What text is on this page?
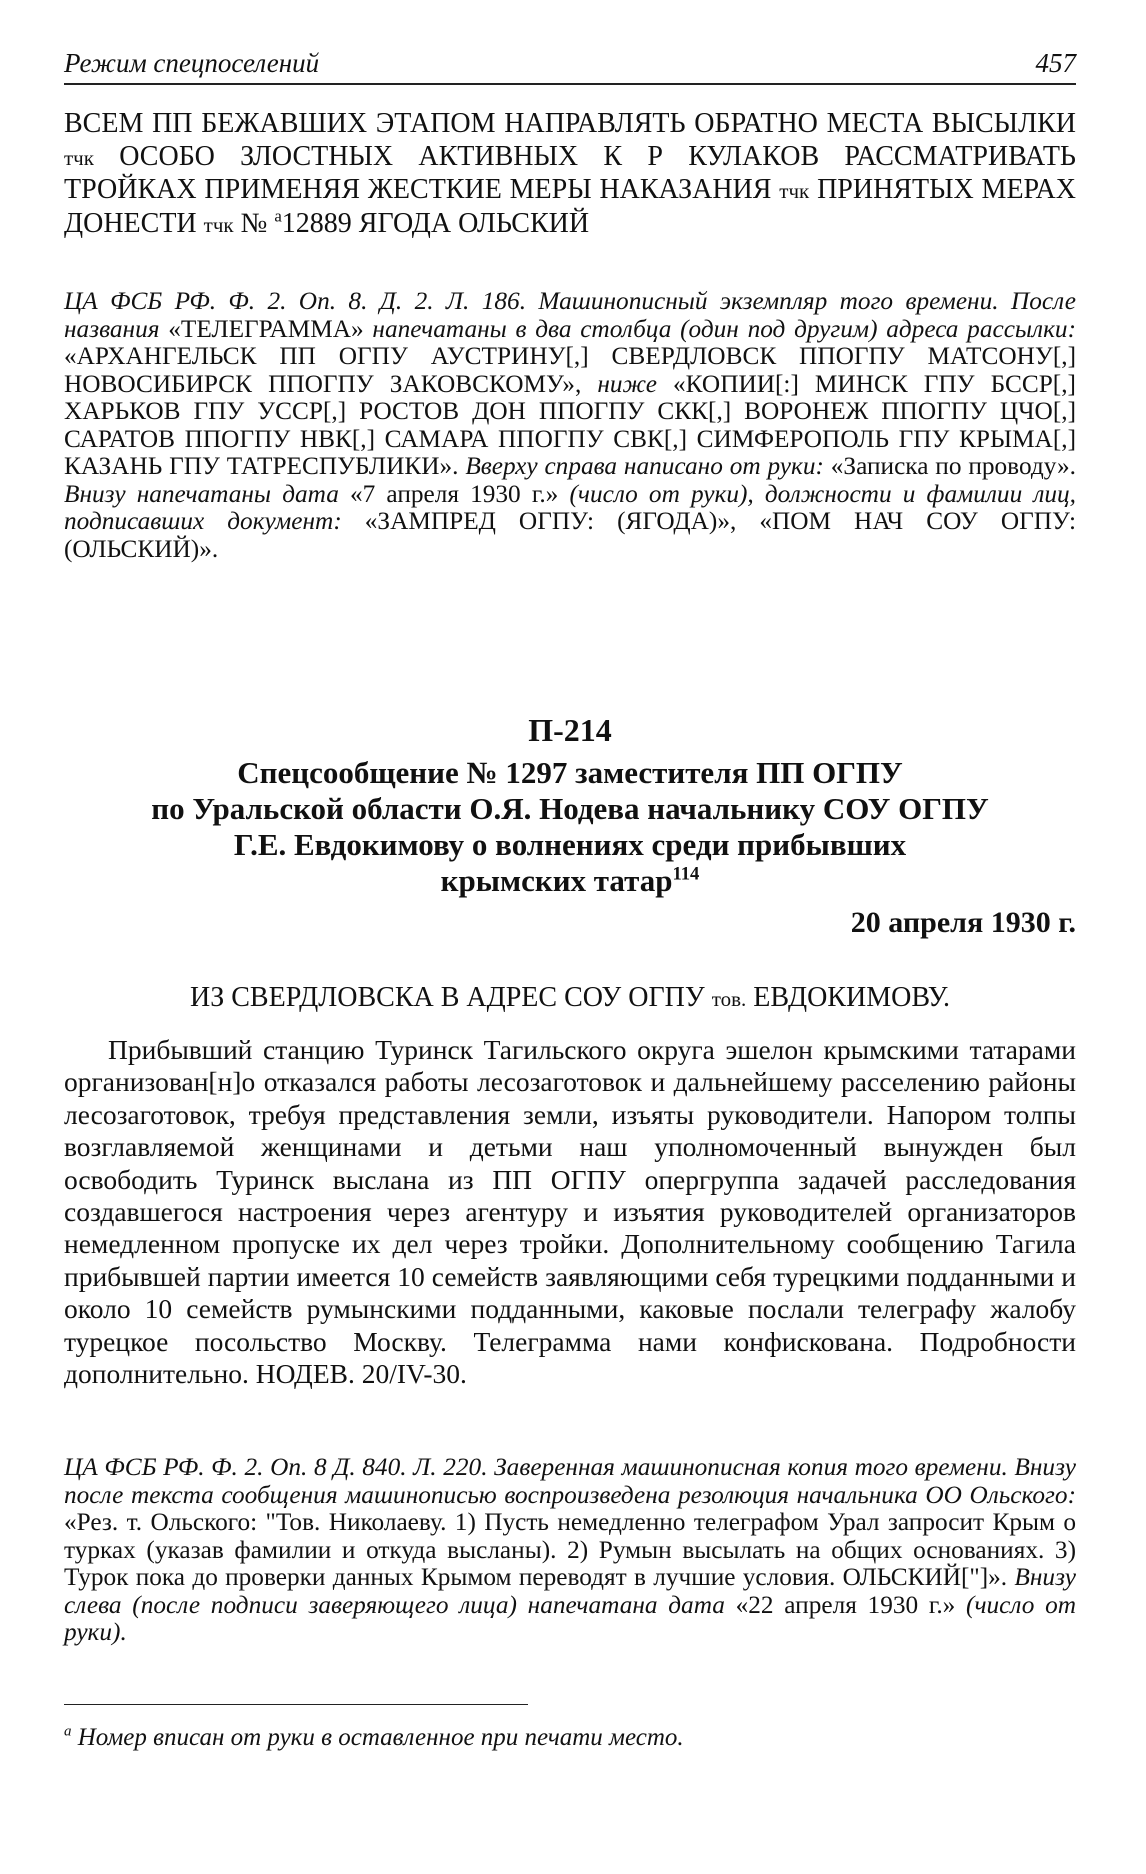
Режим спецпоселений	457

ВСЕМ ПП БЕЖАВШИХ ЭТАПОМ НАПРАВЛЯТЬ ОБРАТНО МЕСТА ВЫСЫЛКИ тчк ОСОБО ЗЛОСТНЫХ АКТИВНЫХ К Р КУЛАКОВ РАССМАТРИВАТЬ ТРОЙКАХ ПРИМЕНЯЯ ЖЕСТКИЕ МЕРЫ НАКАЗАНИЯ тчк ПРИНЯТЫХ МЕРАХ ДОНЕСТИ тчк № $^а$12889 ЯГОДА ОЛЬСКИЙ

ЦА ФСБ РФ. Ф. 2. Оп. 8. Д. 2. Л. 186. Машинописный экземпляр того времени. После названия «ТЕЛЕГРАММА» напечатаны в два столбца (один под другим) адреса рассылки: «АРХАНГЕЛЬСК ПП ОГПУ АУСТРИНУ[,] СВЕРДЛОВСК ППОГПУ МАТСОНУ[,] НОВОСИБИРСК ППОГПУ ЗАКОВСКОМУ», ниже «КОПИИ[:] МИНСК ГПУ БССР[,] ХАРЬКОВ ГПУ УССР[,] РОСТОВ ДОН ППОГПУ СКК[,] ВОРОНЕЖ ППОГПУ ЦЧО[,] САРАТОВ ППОГПУ НВК[,] САМАРА ППОГПУ СВК[,] СИМФЕРОПОЛЬ ГПУ КРЫМА[,] КАЗАНЬ ГПУ ТАТРЕСПУБЛИКИ». Вверху справа написано от руки: «Записка по проводу». Внизу напечатаны дата «7 апреля 1930 г.» (число от руки), должности и фамилии лиц, подписавших документ: «ЗАМПРЕД ОГПУ: (ЯГОДА)», «ПОМ НАЧ СОУ ОГПУ: (ОЛЬСКИЙ)».

П-214

Спецсообщение № 1297 заместителя ПП ОГПУ
по Уральской области О.Я. Нодева начальнику СОУ ОГПУ
Г.Е. Евдокимову о волнениях среди прибывших
крымских татар$^{114}$

20 апреля 1930 г.

ИЗ СВЕРДЛОВСКА В АДРЕС СОУ ОГПУ тов. ЕВДОКИМОВУ.

Прибывший станцию Туринск Тагильского округа эшелон крымскими татарами организован[н]о отказался работы лесозаготовок и дальнейшему расселению районы лесозаготовок, требуя представления земли, изъяты руководители. Напором толпы возглавляемой женщинами и детьми наш уполномоченный вынужден был освободить Туринск выслана из ПП ОГПУ опергруппа задачей расследования создавшегося настроения через агентуру и изъятия руководителей организаторов немедленном пропуске их дел через тройки. Дополнительному сообщению Тагила прибывшей партии имеется 10 семейств заявляющими себя турецкими подданными и около 10 семейств румынскими подданными, каковые послали телеграфу жалобу турецкое посольство Москву. Телеграмма нами конфискована. Подробности дополнительно. НОДЕВ. 20/IV-30.

ЦА ФСБ РФ. Ф. 2. Оп. 8 Д. 840. Л. 220. Заверенная машинописная копия того времени. Внизу после текста сообщения машинописью воспроизведена резолюция начальника ОО Ольского: «Рез. т. Ольского: "Тов. Николаеву. 1) Пусть немедленно телеграфом Урал запросит Крым о турках (указав фамилии и откуда высланы). 2) Румын высылать на общих основаниях. 3) Турок пока до проверки данных Крымом переводят в лучшие условия. ОЛЬСКИЙ["]». Внизу слева (после подписи заверяющего лица) напечатана дата «22 апреля 1930 г.» (число от руки).

$^а$ Номер вписан от руки в оставленное при печати место.
